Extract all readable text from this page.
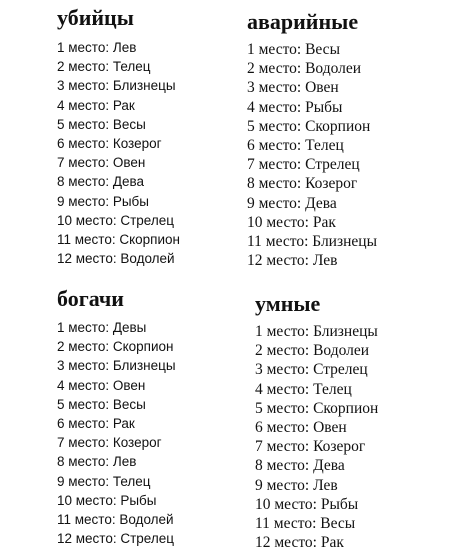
убийцы
1 место: Лев
2 место: Телец
3 место: Близнецы
4 место: Рак
5 место: Весы
6 место: Козерог
7 место: Овен
8 место: Дева
9 место: Рыбы
10 место: Стрелец
11 место: Скорпион
12 место: Водолей
аварийные
1 место: Весы
2 место: Водолеи
3 место: Овен
4 место: Рыбы
5 место: Скорпион
6 место: Телец
7 место: Стрелец
8 место: Козерог
9 место: Дева
10 место: Рак
11 место: Близнецы
12 место: Лев
богачи
1 место: Девы
2 место: Скорпион
3 место: Близнецы
4 место: Овен
5 место: Весы
6 место: Рак
7 место: Козерог
8 место: Лев
9 место: Телец
10 место: Рыбы
11 место: Водолей
12 место: Стрелец
умные
1 место: Близнецы
2 место: Водолеи
3 место: Стрелец
4 место: Телец
5 место: Скорпион
6 место: Овен
7 место: Козерог
8 место: Дева
9 место: Лев
10 место: Рыбы
11 место: Весы
12 место: Рак
